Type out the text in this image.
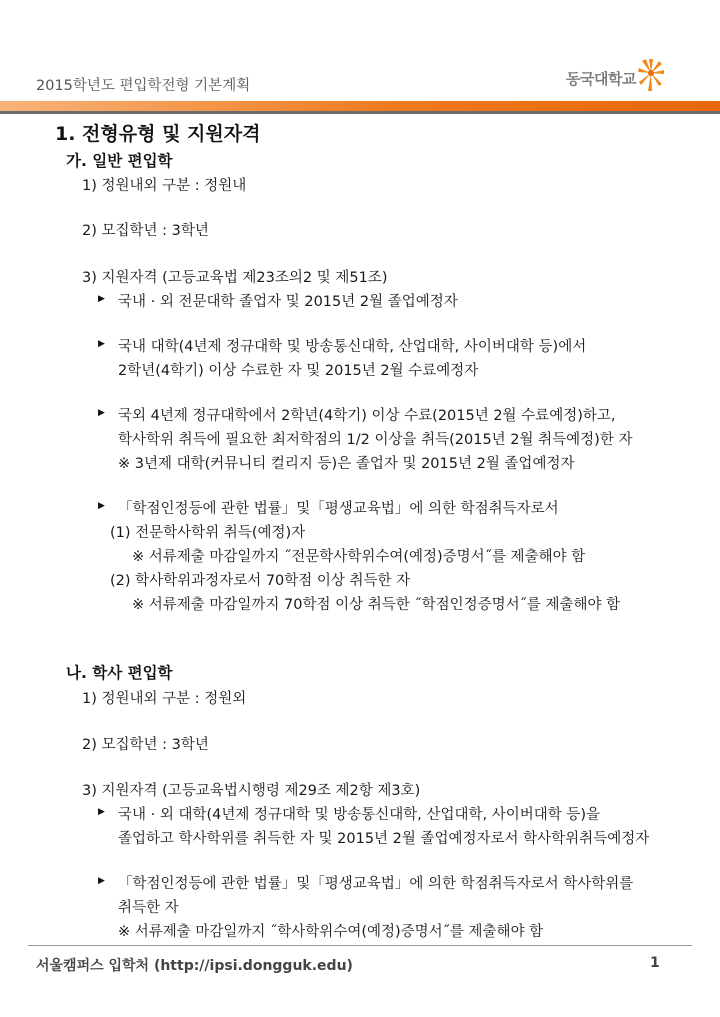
2015학년도 편입학전형 기본계획	동국대학교
1. 전형유형 및 지원자격
가. 일반 편입학
1) 정원내외 구분 : 정원내
2) 모집학년 : 3학년
3) 지원자격 (고등교육법 제23조의2 및 제51조)
▶ 국내 · 외 전문대학 졸업자 및 2015년 2월 졸업예정자
▶ 국내 대학(4년제 정규대학 및 방송통신대학, 산업대학, 사이버대학 등)에서
2학년(4학기) 이상 수료한 자 및 2015년 2월 수료예정자
▶ 국외 4년제 정규대학에서 2학년(4학기) 이상 수료(2015년 2월 수료예정)하고,
학사학위 취득에 필요한 최저학점의 1/2 이상을 취득(2015년 2월 취득예정)한 자
※ 3년제 대학(커뮤니티 컬리지 등)은 졸업자 및 2015년 2월 졸업예정자
▶ 「학점인정등에 관한 법률」및「평생교육법」에 의한 학점취득자로서
(1) 전문학사학위 취득(예정)자
※ 서류제출 마감일까지 ˝전문학사학위수여(예정)증명서˝를 제출해야 함
(2) 학사학위과정자로서 70학점 이상 취득한 자
※ 서류제출 마감일까지 70학점 이상 취득한 ˝학점인정증명서˝를 제출해야 함
나. 학사 편입학
1) 정원내외 구분 : 정원외
2) 모집학년 : 3학년
3) 지원자격 (고등교육법시행령 제29조 제2항 제3호)
▶ 국내 · 외 대학(4년제 정규대학 및 방송통신대학, 산업대학, 사이버대학 등)을
졸업하고 학사학위를 취득한 자 및 2015년 2월 졸업예정자로서 학사학위취득예정자
▶ 「학점인정등에 관한 법률」및「평생교육법」에 의한 학점취득자로서 학사학위를
취득한 자
※ 서류제출 마감일까지 ˝학사학위수여(예정)증명서˝를 제출해야 함
서울캠퍼스 입학처 (http://ipsi.dongguk.edu)	1
